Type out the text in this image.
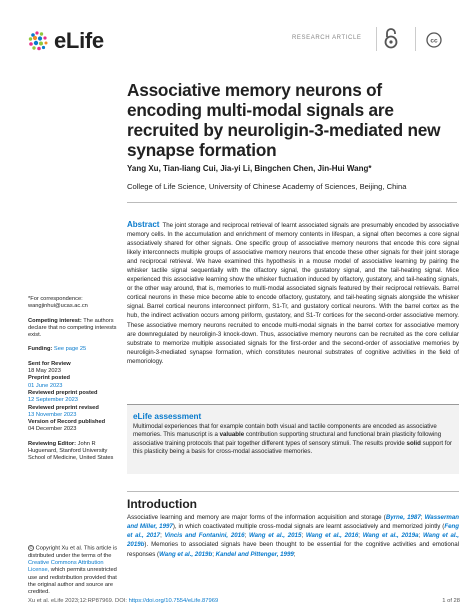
eLife	RESEARCH ARTICLE	cc
Associative memory neurons of encoding multi-modal signals are recruited by neuroligin-3-mediated new synapse formation
Yang Xu, Tian-liang Cui, Jia-yi Li, Bingchen Chen, Jin-Hui Wang*
College of Life Science, University of Chinese Academy of Sciences, Beijing, China
Abstract The joint storage and reciprocal retrieval of learnt associated signals are presumably encoded by associative memory cells. In the accumulation and enrichment of memory contents in lifespan, a signal often becomes a core signal associatively shared for other signals. One specific group of associative memory neurons that encode this core signal likely interconnects multiple groups of associative memory neurons that encode these other signals for their joint storage and reciprocal retrieval. We have examined this hypothesis in a mouse model of associative learning by pairing the whisker tactile signal sequentially with the olfactory signal, the gustatory signal, and the tail-heating signal. Mice experienced this associative learning show the whisker fluctuation induced by olfactory, gustatory, and tail-heating signals, or the other way around, that is, memories to multi-modal associated signals featured by their reciprocal retrievals. Barrel cortical neurons in these mice become able to encode olfactory, gustatory, and tail-heating signals alongside the whisker signal. Barrel cortical neurons interconnect piriform, S1-Tr, and gustatory cortical neurons. With the barrel cortex as the hub, the indirect activation occurs among piriform, gustatory, and S1-Tr cortices for the second-order associative memory. These associative memory neurons recruited to encode multi-modal signals in the barrel cortex for associative memory are downregulated by neuroligin-3 knock-down. Thus, associative memory neurons can be recruited as the core cellular substrate to memorize multiple associated signals for the first-order and the second-order of associative memories by neuroligin-3-mediated synapse formation, which constitutes neuronal substrates of cognitive activities in the field of memoriology.
*For correspondence:
wangjinhui@ucas.ac.cn
Competing interest: The authors declare that no competing interests exist.
Funding: See page 25
Sent for Review
18 May 2023
Preprint posted
01 June 2023
Reviewed preprint posted
12 September 2023
Reviewed preprint revised
13 November 2023
Version of Record published
04 December 2023
Reviewing Editor: John R Huguenard, Stanford University School of Medicine, United States
© Copyright Xu et al. This article is distributed under the terms of the Creative Commons Attribution License, which permits unrestricted use and redistribution provided that the original author and source are credited.
eLife assessment
Multimodal experiences that for example contain both visual and tactile components are encoded as associative memories. This manuscript is a valuable contribution supporting structural and functional brain plasticity following associative training protocols that pair together different types of sensory stimuli. The results provide solid support for this plasticity being a basis for cross-modal associative memories.
Introduction
Associative learning and memory are major forms of the information acquisition and storage (Byrne, 1987; Wasserman and Miller, 1997), in which coactivated multiple cross-modal signals are learnt associatively and memorized jointly (Feng et al., 2017; Vincis and Fontanini, 2016; Wang et al., 2015; Wang et al., 2016; Wang et al., 2019a; Wang et al., 2019b). Memories to associated signals have been thought to be essential for the cognitive activities and emotional responses (Wang et al., 2019b; Kandel and Pittenger, 1999;
Xu et al. eLife 2023;12:RP87969. DOI: https://doi.org/10.7554/eLife.87969	1 of 28
